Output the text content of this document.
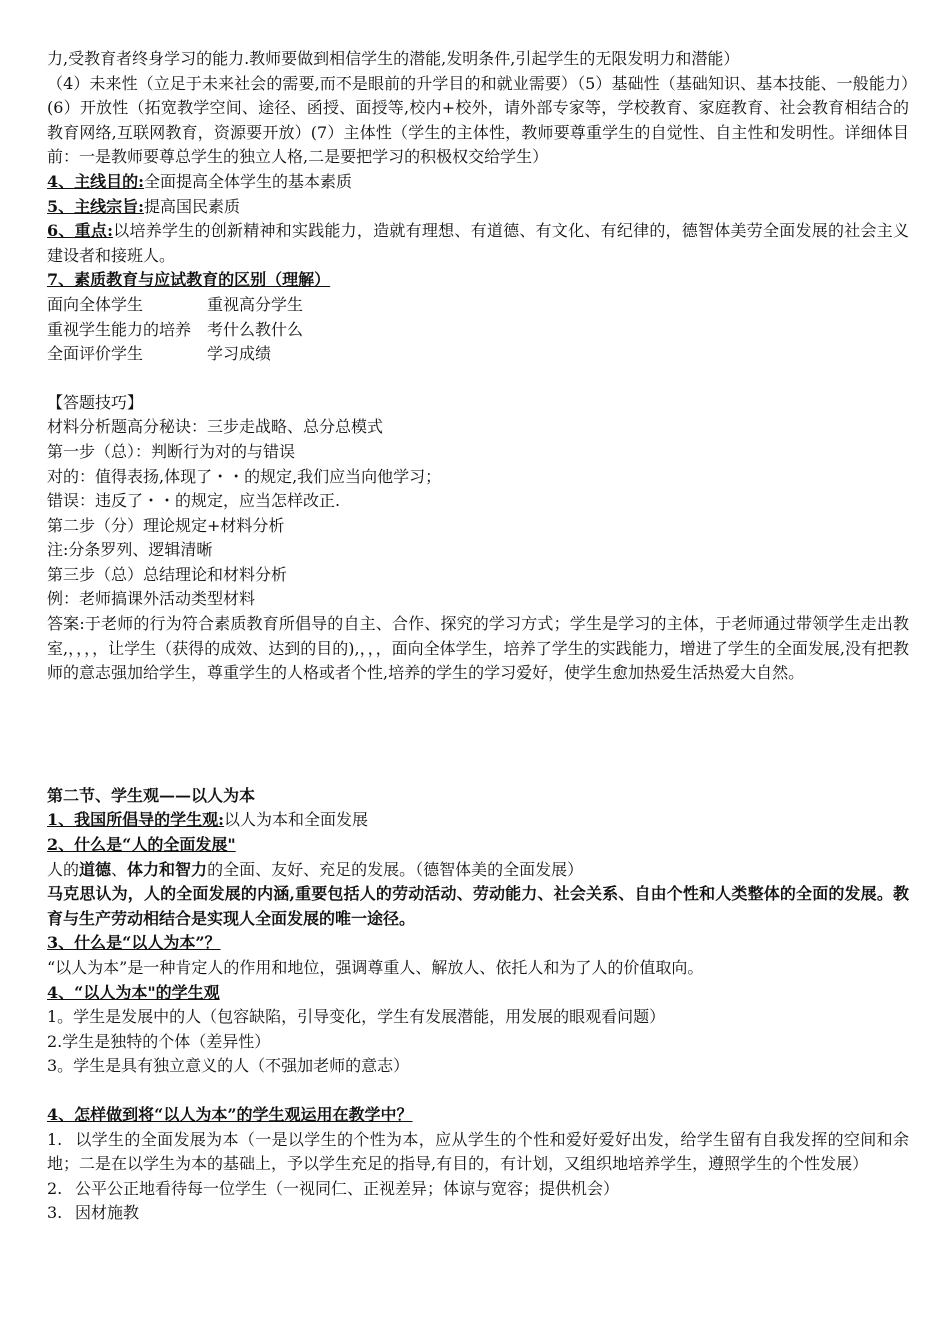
力,受教育者终身学习的能力.教师要做到相信学生的潜能,发明条件,引起学生的无限发明力和潜能）

（4）未来性（立足于未来社会的需要,而不是眼前的升学目的和就业需要）（5）基础性（基础知识、基本技能、一般能力）(6）开放性（拓宽教学空间、途径、函授、面授等,校内+校外，请外部专家等，学校教育、家庭教育、社会教育相结合的教育网络,互联网教育，资源要开放）(7）主体性（学生的主体性，教师要尊重学生的自觉性、自主性和发明性。详细体目前：一是教师要尊总学生的独立人格,二是要把学习的积极权交给学生）

4、主线目的:全面提高全体学生的基本素质

5、主线宗旨:提高国民素质

6、重点:以培养学生的创新精神和实践能力，造就有理想、有道德、有文化、有纪律的，德智体美劳全面发展的社会主义建设者和接班人。

7、素质教育与应试教育的区别（理解）

面向全体学生	重视高分学生
重视学生能力的培养 考什么教什么
全面评价学生	学习成绩

【答题技巧】

材料分析题高分秘诀：三步走战略、总分总模式

第一步（总）：判断行为对的与错误

对的：值得表扬,体现了・・的规定,我们应当向他学习；

错误：违反了・・的规定，应当怎样改正.

第二步（分）理论规定+材料分析

注:分条罗列、逻辑清晰

第三步（总）总结理论和材料分析

例：老师搞课外活动类型材料

答案:于老师的行为符合素质教育所倡导的自主、合作、探究的学习方式；学生是学习的主体，于老师通过带领学生走出教室,，，，，让学生（获得的成效、达到的目的),，，，面向全体学生，培养了学生的实践能力，增进了学生的全面发展,没有把教师的意志强加给学生，尊重学生的人格或者个性,培养的学生的学习爱好，使学生愈加热爱生活热爱大自然。

第二节、学生观——以人为本

1、我国所倡导的学生观:以人为本和全面发展

2、什么是“人的全面发展"

人的道德、体力和智力的全面、友好、充足的发展。（德智体美的全面发展）

马克思认为，人的全面发展的内涵,重要包括人的劳动活动、劳动能力、社会关系、自由个性和人类整体的全面的发展。教育与生产劳动相结合是实现人全面发展的唯一途径。

3、什么是“以人为本”？

“以人为本”是一种肯定人的作用和地位，强调尊重人、解放人、依托人和为了人的价值取向。

4、“以人为本"的学生观

1。学生是发展中的人（包容缺陷，引导变化，学生有发展潜能，用发展的眼观看问题）

2.学生是独特的个体（差异性）

3。学生是具有独立意义的人（不强加老师的意志）

4、怎样做到将“以人为本”的学生观运用在教学中？

1. 以学生的全面发展为本（一是以学生的个性为本，应从学生的个性和爱好爱好出发，给学生留有自我发挥的空间和余地；二是在以学生为本的基础上，予以学生充足的指导,有目的，有计划，又组织地培养学生，遵照学生的个性发展）

2. 公平公正地看待每一位学生（一视同仁、正视差异；体谅与宽容；提供机会）

3. 因材施教
